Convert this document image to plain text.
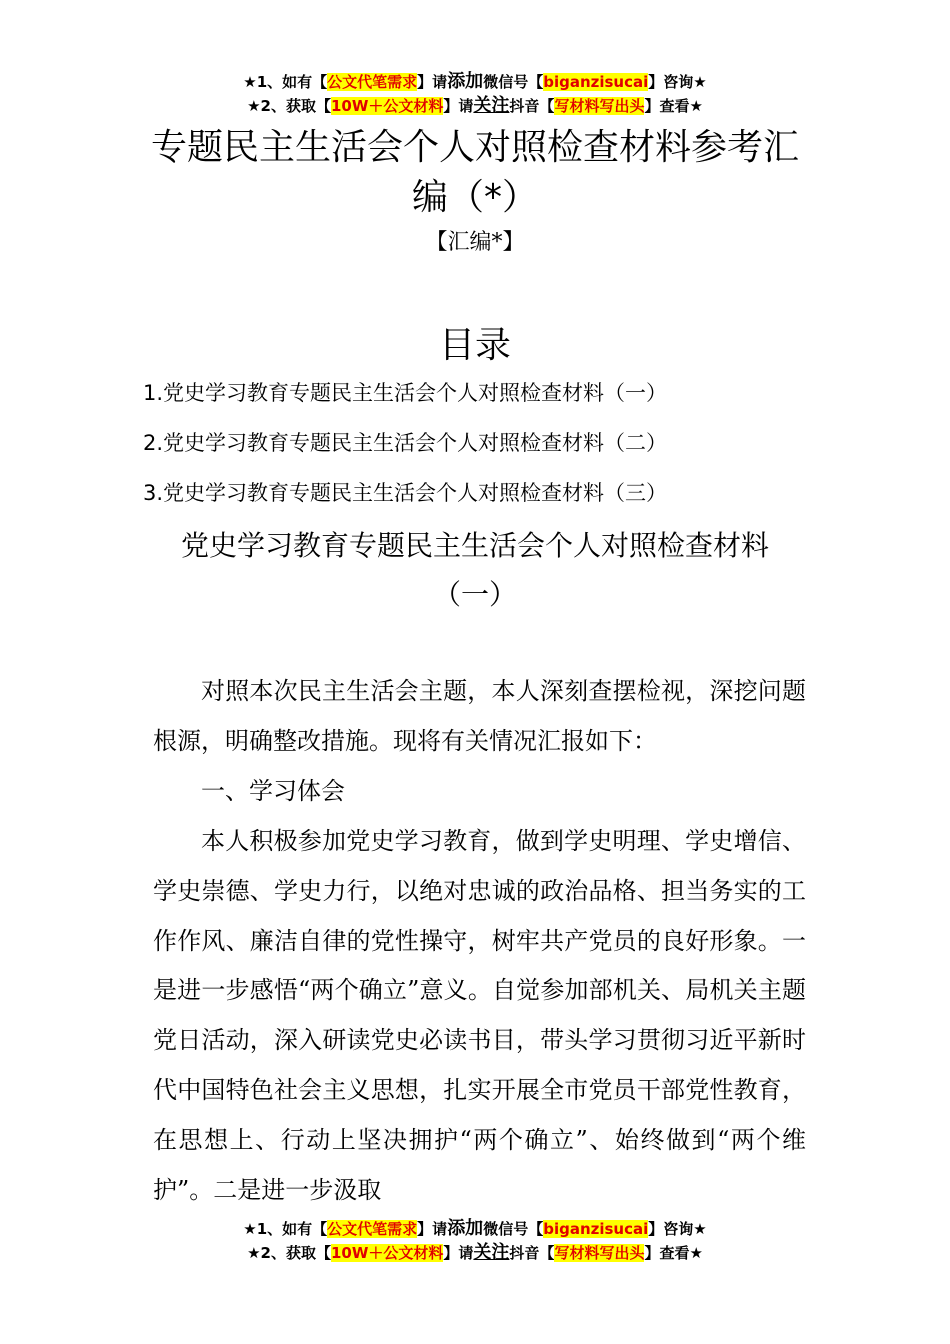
★1、如有【公文代笔需求】请添加微信号【biganzisucai】咨询★
★2、获取【10W＋公文材料】请关注抖音【写材料写出头】查看★
专题民主生活会个人对照检查材料参考汇
编（*）
【汇编*】
目录
1.党史学习教育专题民主生活会个人对照检查材料（一）
2.党史学习教育专题民主生活会个人对照检查材料（二）
3.党史学习教育专题民主生活会个人对照检查材料（三）
党史学习教育专题民主生活会个人对照检查材料
（一）

对照本次民主生活会主题，本人深刻查摆检视，深挖问题根源，明确整改措施。现将有关情况汇报如下：

一、学习体会

本人积极参加党史学习教育，做到学史明理、学史增信、学史崇德、学史力行，以绝对忠诚的政治品格、担当务实的工作作风、廉洁自律的党性操守，树牢共产党员的良好形象。一是进一步感悟“两个确立”意义。自觉参加部机关、局机关主题党日活动，深入研读党史必读书目，带头学习贯彻习近平新时代中国特色社会主义思想，扎实开展全市党员干部党性教育，在思想上、行动上坚决拥护“两个确立”、始终做到“两个维护”。二是进一步汲取

★1、如有【公文代笔需求】请添加微信号【biganzisucai】咨询★
★2、获取【10W＋公文材料】请关注抖音【写材料写出头】查看★
